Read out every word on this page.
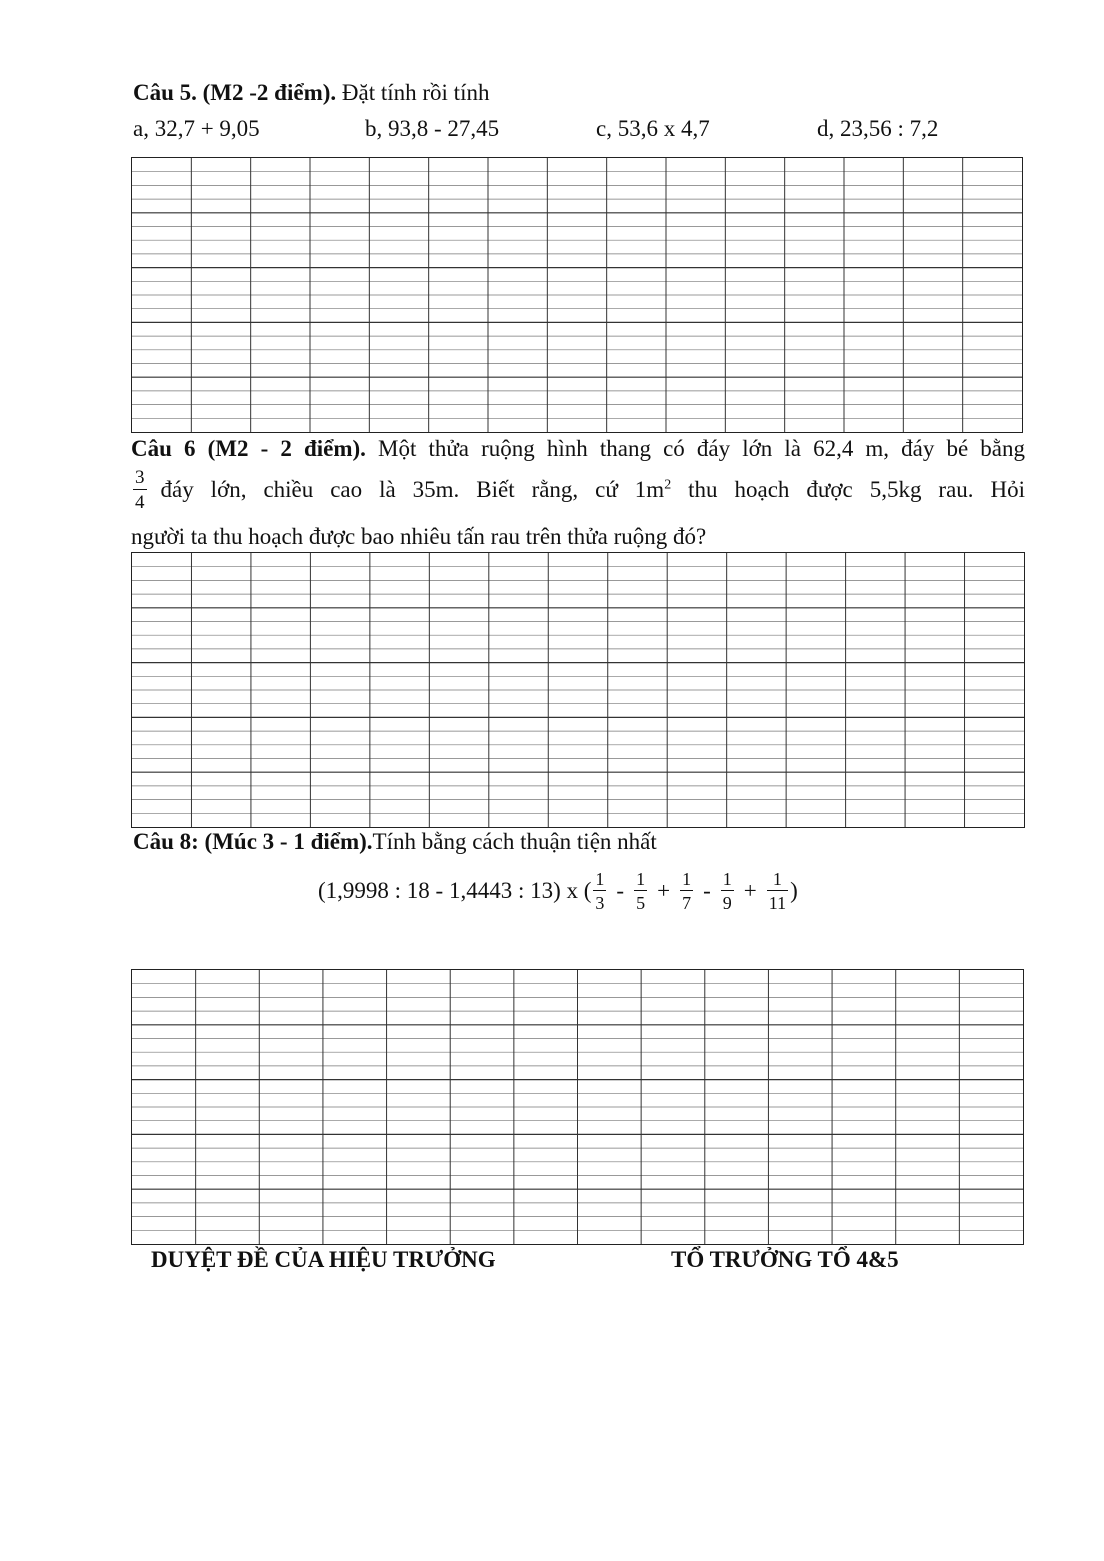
Câu 5. (M2 -2 điểm). Đặt tính rồi tính
a, 32,7 + 9,05	b, 93,8 - 27,45	c, 53,6 x 4,7	d, 23,56 : 7,2
Câu 6 (M2 - 2 điểm). Một thửa ruộng hình thang có đáy lớn là 62,4 m, đáy bé bằng
$\frac{3}{4}$ đáy lớn, chiều cao là 35m. Biết rằng, cứ $1m^2$ thu hoạch được 5,5kg rau. Hỏi
người ta thu hoạch được bao nhiêu tấn rau trên thửa ruộng đó?
Câu 8: (Múc 3 - 1 điểm).Tính bằng cách thuận tiện nhất
(1,9998 : 18 - 1,4443 : 13) x ( $\frac{1}{3} - \frac{1}{5} + \frac{1}{7} - \frac{1}{9} + \frac{1}{11}$ )
DUYỆT ĐỀ CỦA HIỆU TRƯỞNG	TỔ TRƯỞNG TỔ 4&5
